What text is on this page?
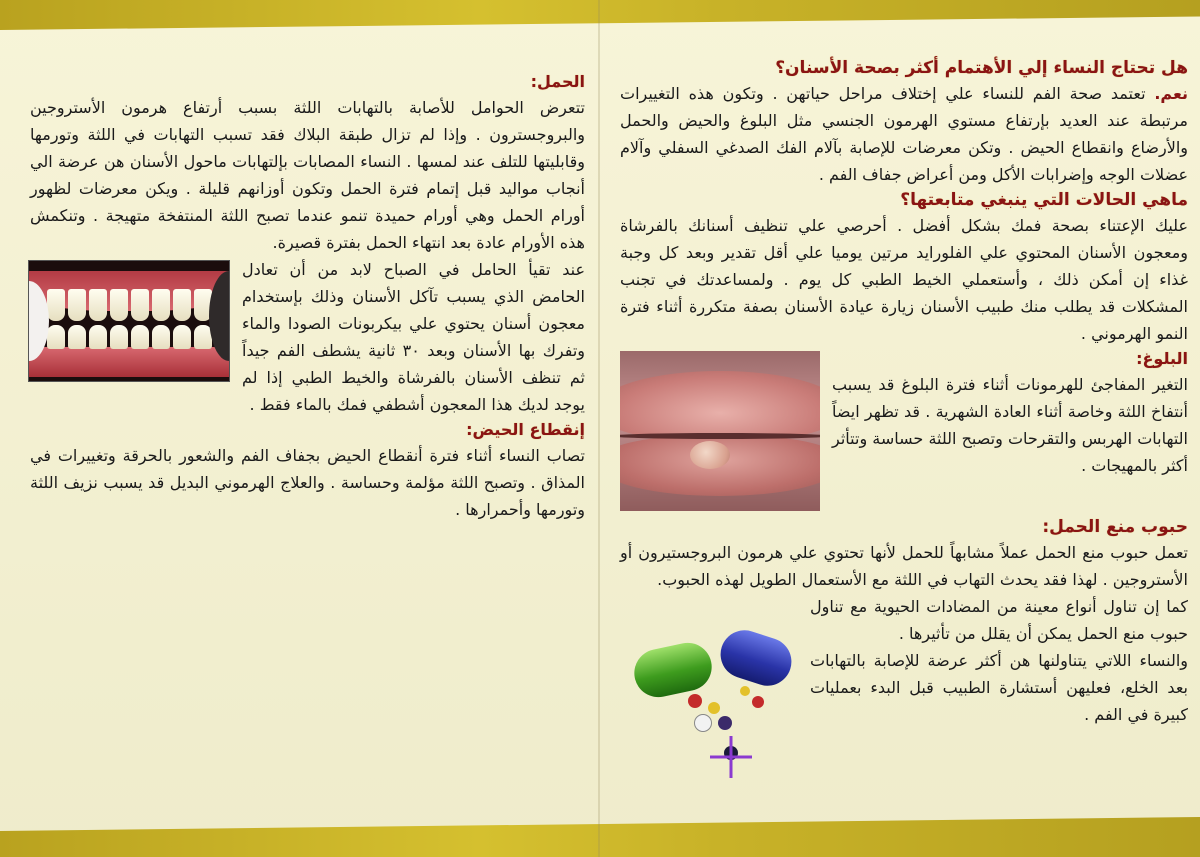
هل تحتاج النساء إلي الأهتمام أكثر بصحة الأسنان؟

نعم. تعتمد صحة الفم للنساء علي إختلاف مراحل حياتهن . وتكون هذه التغييرات مرتبطة عند العديد بإرتفاع مستوي الهرمون الجنسي مثل البلوغ والحيض والحمل والأرضاع وانقطاع الحيض . وتكن معرضات للإصابة بآلام الفك الصدغي السفلي وآلام عضلات الوجه وإضرابات الأكل ومن أعراض جفاف الفم .

ماهي الحالات التي ينبغي متابعتها؟

عليك الإعتناء بصحة فمك بشكل أفضل . أحرصي علي تنظيف أسنانك بالفرشاة ومعجون الأسنان المحتوي علي الفلورايد مرتين يوميا علي أقل تقدير وبعد كل وجبة غذاء إن أمكن ذلك ، وأستعملي الخيط الطبي كل يوم . ولمساعدتك في تجنب المشكلات قد يطلب منك طبيب الأسنان زيارة عيادة الأسنان بصفة متكررة أثناء فترة النمو الهرموني .

البلوغ:

التغير المفاجئ للهرمونات أثناء فترة البلوغ قد يسبب أنتفاخ اللثة وخاصة أثناء العادة الشهرية . قد تظهر ايضاً التهابات الهربس والتقرحات وتصبح اللثة حساسة وتتأثر أكثر بالمهيجات .

حبوب منع الحمل:

تعمل حبوب منع الحمل عملاً مشابهاً للحمل لأنها تحتوي علي هرمون البروجستيرون أو الأستروجين . لهذا فقد يحدث التهاب في اللثة مع الأستعمال الطويل لهذه الحبوب.

كما إن تناول أنواع معينة من المضادات الحيوية مع تناول حبوب منع الحمل يمكن أن يقلل من تأثيرها .

والنساء اللاتي يتناولنها هن أكثر عرضة للإصابة بالتهابات بعد الخلع، فعليهن أستشارة الطبيب قبل البدء بعمليات كبيرة في الفم .

الحمل:

تتعرض الحوامل للأصابة بالتهابات اللثة بسبب أرتفاع هرمون الأستروجين والبروجسترون . وإذا لم تزال طبقة البلاك فقد تسبب التهابات في اللثة وتورمها وقابليتها للتلف عند لمسها . النساء المصابات بإلتهابات ماحول الأسنان هن عرضة الي أنجاب مواليد قبل إتمام فترة الحمل وتكون أوزانهم قليلة . ويكن معرضات لظهور أورام الحمل وهي أورام حميدة تنمو عندما تصبح اللثة المنتفخة متهيجة . وتنكمش هذه الأورام عادة بعد انتهاء الحمل بفترة قصيرة.

عند تقيأ الحامل في الصباح لابد من أن تعادل الحامض الذي يسبب تآكل الأسنان وذلك بإستخدام معجون أسنان يحتوي علي بيكربونات الصودا والماء وتفرك بها الأسنان وبعد ٣٠ ثانية يشطف الفم جيداً ثم تنظف الأسنان بالفرشاة والخيط الطبي إذا لم يوجد لديك هذا المعجون أشطفي فمك بالماء فقط .

إنقطاع الحيض:

تصاب النساء أثناء فترة أنقطاع الحيض بجفاف الفم والشعور بالحرقة وتغييرات في المذاق . وتصبح اللثة مؤلمة وحساسة . والعلاج الهرموني البديل قد يسبب نزيف اللثة وتورمها وأحمرارها .
